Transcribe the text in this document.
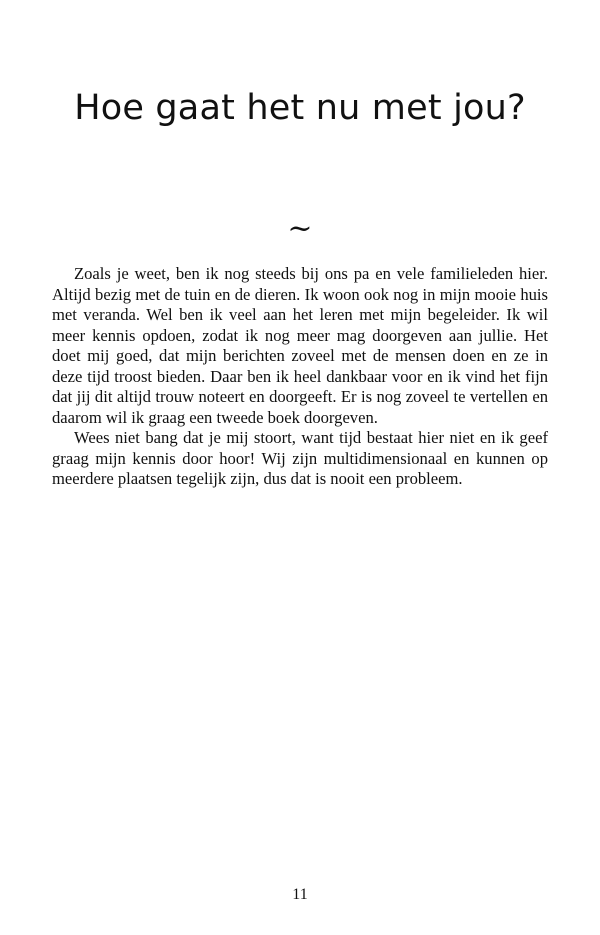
Hoe gaat het nu met jou?
~

Zoals je weet, ben ik nog steeds bij ons pa en vele familieleden hier. Altijd bezig met de tuin en de dieren. Ik woon ook nog in mijn mooie huis met veranda. Wel ben ik veel aan het leren met mijn begeleider. Ik wil meer kennis opdoen, zodat ik nog meer mag doorgeven aan jullie. Het doet mij goed, dat mijn berichten zoveel met de mensen doen en ze in deze tijd troost bieden. Daar ben ik heel dankbaar voor en ik vind het fijn dat jij dit altijd trouw noteert en doorgeeft. Er is nog zoveel te vertellen en daarom wil ik graag een tweede boek doorgeven.

Wees niet bang dat je mij stoort, want tijd bestaat hier niet en ik geef graag mijn kennis door hoor! Wij zijn multidimensionaal en kunnen op meerdere plaatsen tegelijk zijn, dus dat is nooit een probleem.

11
